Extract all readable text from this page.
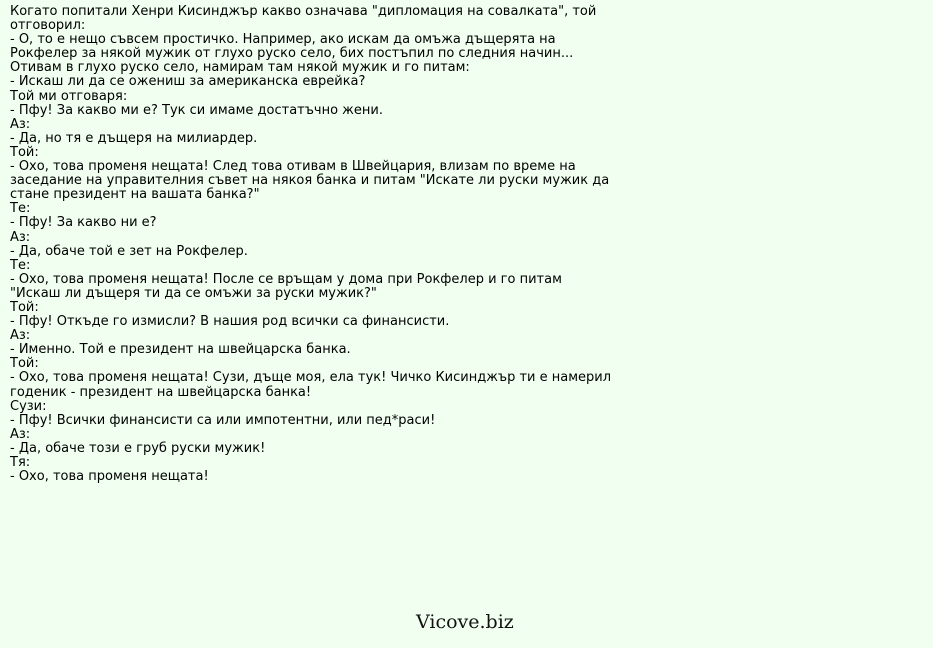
Когато попитали Хенри Кисинджър какво означава "дипломация на совалката", той
отговорил:
- О, то е нещо съвсем простичко. Например, ако искам да омъжа дъщерята на
Рокфелер за някой мужик от глухо руско село, бих постъпил по следния начин...
Отивам в глухо руско село, намирам там някой мужик и го питам:
- Искаш ли да се ожениш за американска еврейка?
Той ми отговаря:
- Пфу! За какво ми е? Тук си имаме достатъчно жени.
Аз:
- Да, но тя е дъщеря на милиардер.
Той:
- Охо, това променя нещата! След това отивам в Швейцария, влизам по време на
заседание на управителния съвет на някоя банка и питам "Искате ли руски мужик да
стане президент на вашата банка?"
Те:
- Пфу! За какво ни е?
Аз:
- Да, обаче той е зет на Рокфелер.
Те:
- Охо, това променя нещата! После се връщам у дома при Рокфелер и го питам
"Искаш ли дъщеря ти да се омъжи за руски мужик?"
Той:
- Пфу! Откъде го измисли? В нашия род всички са финансисти.
Аз:
- Именно. Той е президент на швейцарска банка.
Той:
- Охо, това променя нещата! Сузи, дъще моя, ела тук! Чичко Кисинджър ти е намерил
годеник - президент на швейцарска банка!
Сузи:
- Пфу! Всички финансисти са или импотентни, или пед*раси!
Аз:
- Да, обаче този е груб руски мужик!
Тя:
- Охо, това променя нещата!
Vicove.biz
